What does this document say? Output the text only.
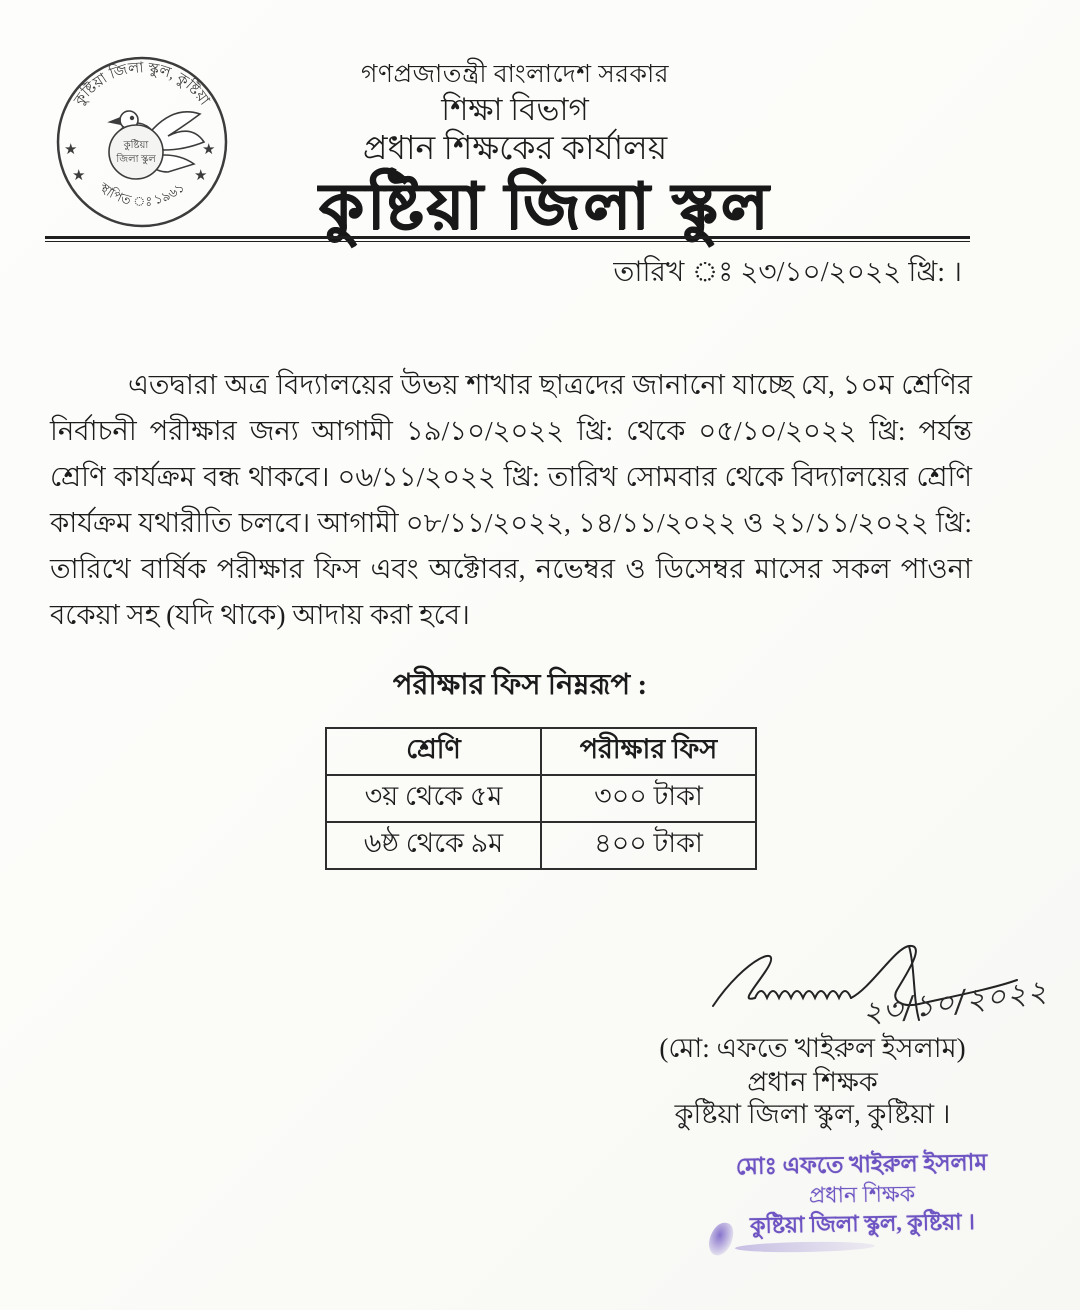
কুষ্টিয়া জিলা স্কুল, কুষ্টিয়া
স্থাপিত ঃ ১৯৬১
★
★
★
★
কুষ্টিয়া
জিলা স্কুল
গণপ্রজাতন্ত্রী বাংলাদেশ সরকার
শিক্ষা বিভাগ
প্রধান শিক্ষকের কার্যালয়
কুষ্টিয়া জিলা স্কুল
তারিখ ঃ ২৩/১০/২০২২ খ্রি: ।
এতদ্বারা অত্র বিদ্যালয়ের উভয় শাখার ছাত্রদের জানানো যাচ্ছে যে, ১০ম শ্রেণির নির্বাচনী পরীক্ষার জন্য আগামী ১৯/১০/২০২২ খ্রি: থেকে ০৫/১০/২০২২ খ্রি: পর্যন্ত শ্রেণি কার্যক্রম বন্ধ থাকবে। ০৬/১১/২০২২ খ্রি: তারিখ সোমবার থেকে বিদ্যালয়ের শ্রেণি কার্যক্রম যথারীতি চলবে। আগামী ০৮/১১/২০২২, ১৪/১১/২০২২ ও ২১/১১/২০২২ খ্রি: তারিখে বার্ষিক পরীক্ষার ফিস এবং অক্টোবর, নভেম্বর ও ডিসেম্বর মাসের সকল পাওনা বকেয়া সহ (যদি থাকে) আদায় করা হবে।
পরীক্ষার ফিস নিম্নরূপ :
শ্রেণি	পরীক্ষার ফিস
৩য় থেকে ৫ম	৩০০ টাকা
৬ষ্ঠ থেকে ৯ম	৪০০ টাকা
২৩/১০/২০২২
(মো: এফতে খাইরুল ইসলাম)
প্রধান শিক্ষক
কুষ্টিয়া জিলা স্কুল, কুষ্টিয়া ।
মোঃ এফতে খাইরুল ইসলাম
প্রধান শিক্ষক
কুষ্টিয়া জিলা স্কুল, কুষ্টিয়া ।
